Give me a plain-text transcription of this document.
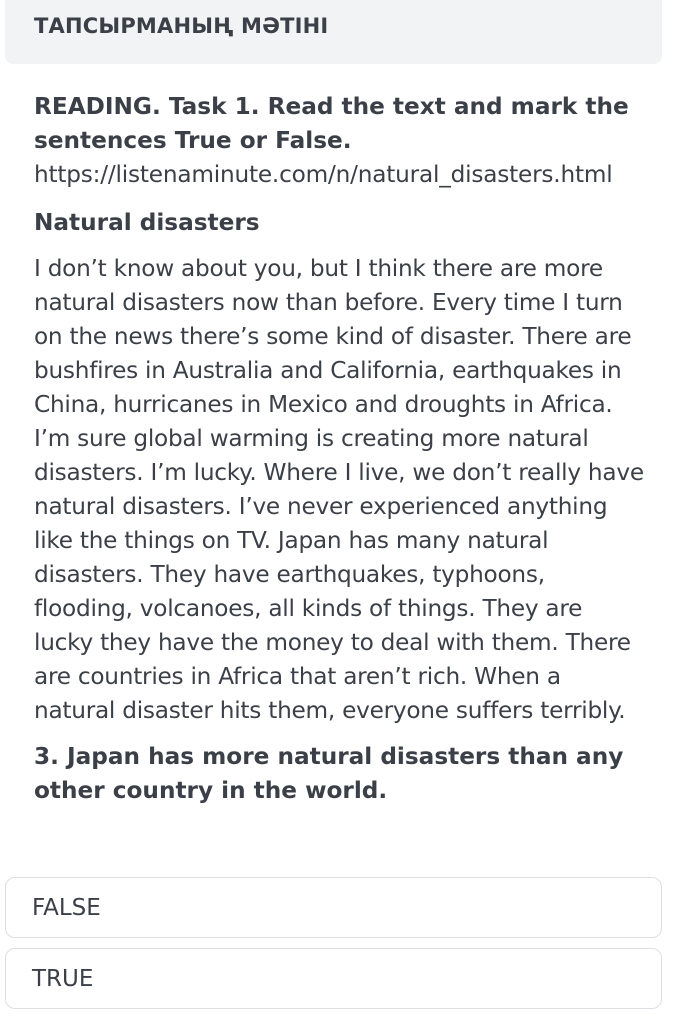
ТАПСЫРМАНЫҢ МӘТІНІ

READING. Task 1. Read the text and mark the sentences True or False.

https://listenaminute.com/n/natural_disasters.html

Natural disasters

I don’t know about you, but I think there are more natural disasters now than before. Every time I turn on the news there’s some kind of disaster. There are bushfires in Australia and California, earthquakes in China, hurricanes in Mexico and droughts in Africa. I’m sure global warming is creating more natural disasters. I’m lucky. Where I live, we don’t really have natural disasters. I’ve never experienced anything like the things on TV. Japan has many natural disasters. They have earthquakes, typhoons, flooding, volcanoes, all kinds of things. They are lucky they have the money to deal with them. There are countries in Africa that aren’t rich. When a natural disaster hits them, everyone suffers terribly.

3. Japan has more natural disasters than any other country in the world.

FALSE
TRUE
